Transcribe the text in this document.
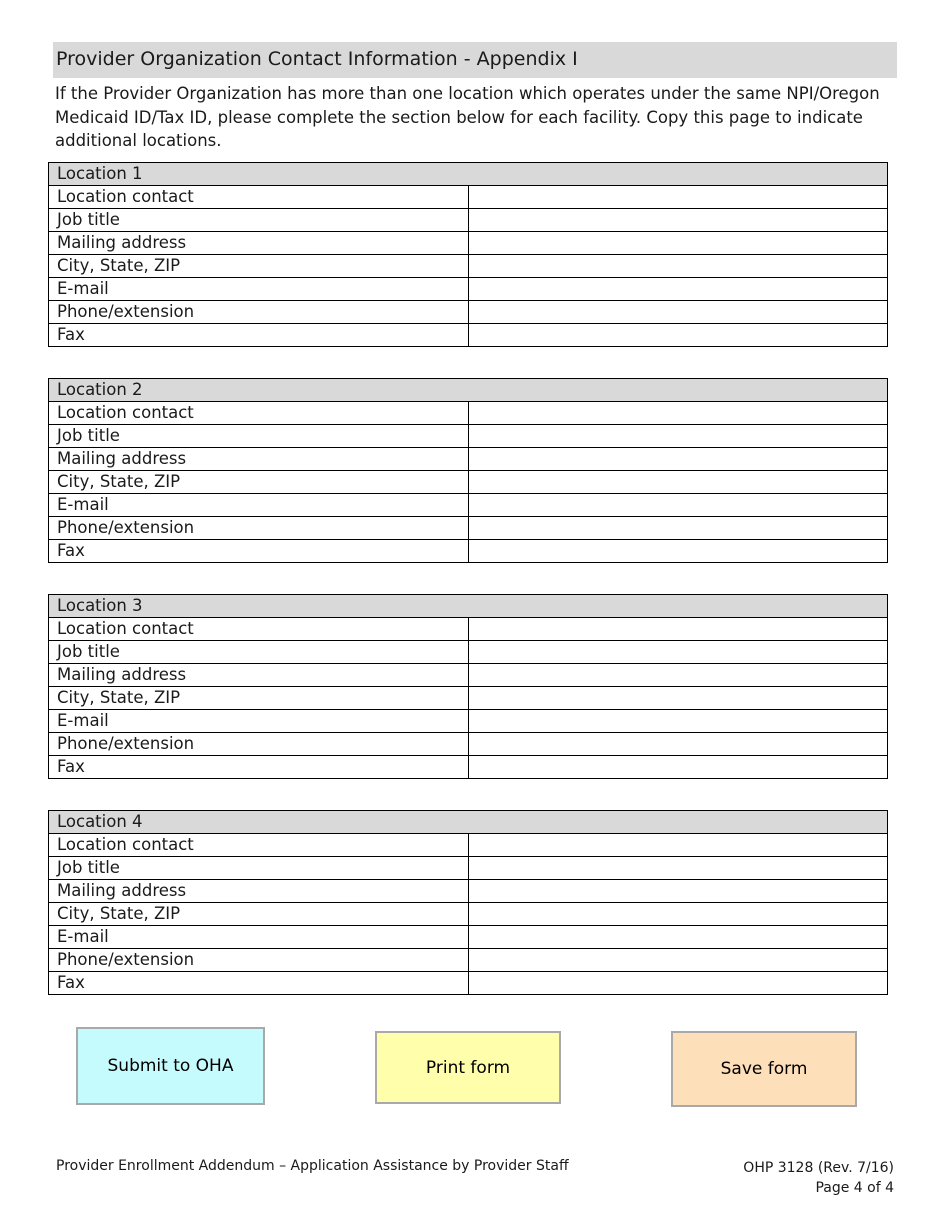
Provider Organization Contact Information - Appendix I
If the Provider Organization has more than one location which operates under the same NPI/Oregon Medicaid ID/Tax ID, please complete the section below for each facility. Copy this page to indicate additional locations.
Location 1	
Location contact	
Job title	
Mailing address	
City, State, ZIP	
E-mail	
Phone/extension	
Fax	
Location 2	
Location contact	
Job title	
Mailing address	
City, State, ZIP	
E-mail	
Phone/extension	
Fax	
Location 3	
Location contact	
Job title	
Mailing address	
City, State, ZIP	
E-mail	
Phone/extension	
Fax	
Location 4	
Location contact	
Job title	
Mailing address	
City, State, ZIP	
E-mail	
Phone/extension	
Fax	
Submit to OHA	Print form	Save form
Provider Enrollment Addendum – Application Assistance by Provider Staff	OHP 3128 (Rev. 7/16)
Page 4 of 4
